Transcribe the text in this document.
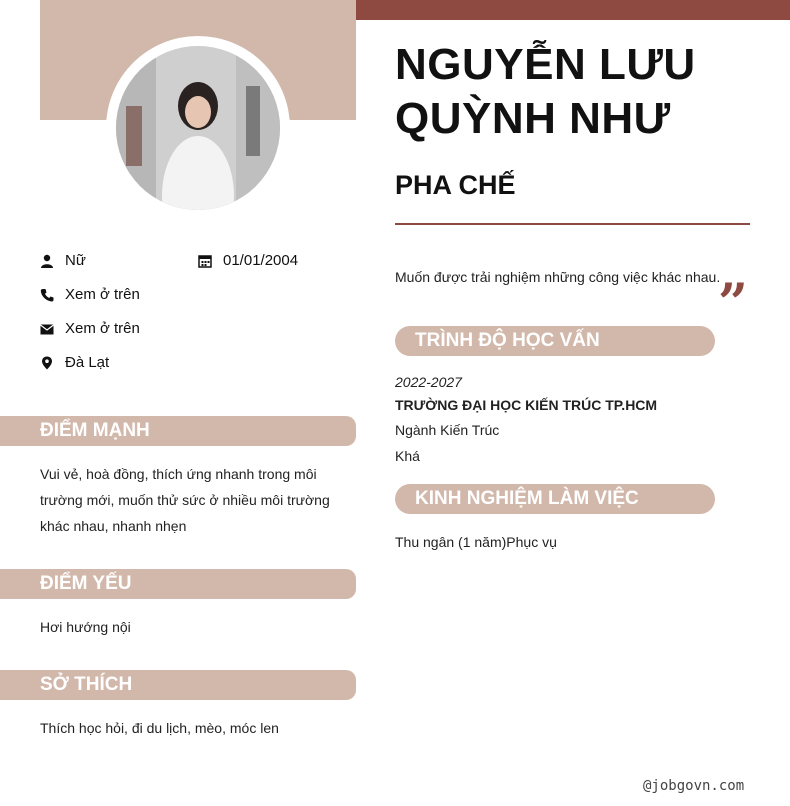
NGUYỄN LƯU
QUỲNH NHƯ
PHA CHẾ
Muốn được trải nghiệm những công việc khác nhau.
”
Nữ	01/01/2004
Xem ở trên
Xem ở trên
Đà Lạt
ĐIỂM MẠNH
Vui vẻ, hoà đồng, thích ứng nhanh trong môi
trường mới, muốn thử sức ở nhiều môi trường
khác nhau, nhanh nhẹn
ĐIỂM YẾU
Hơi hướng nội
SỞ THÍCH
Thích học hỏi, đi du lịch, mèo, móc len
TRÌNH ĐỘ HỌC VẤN
2022-2027
TRƯỜNG ĐẠI HỌC KIẾN TRÚC TP.HCM
Ngành Kiến Trúc
Khá
KINH NGHIỆM LÀM VIỆC
Thu ngân (1 năm)Phục vụ
@jobgovn.com
